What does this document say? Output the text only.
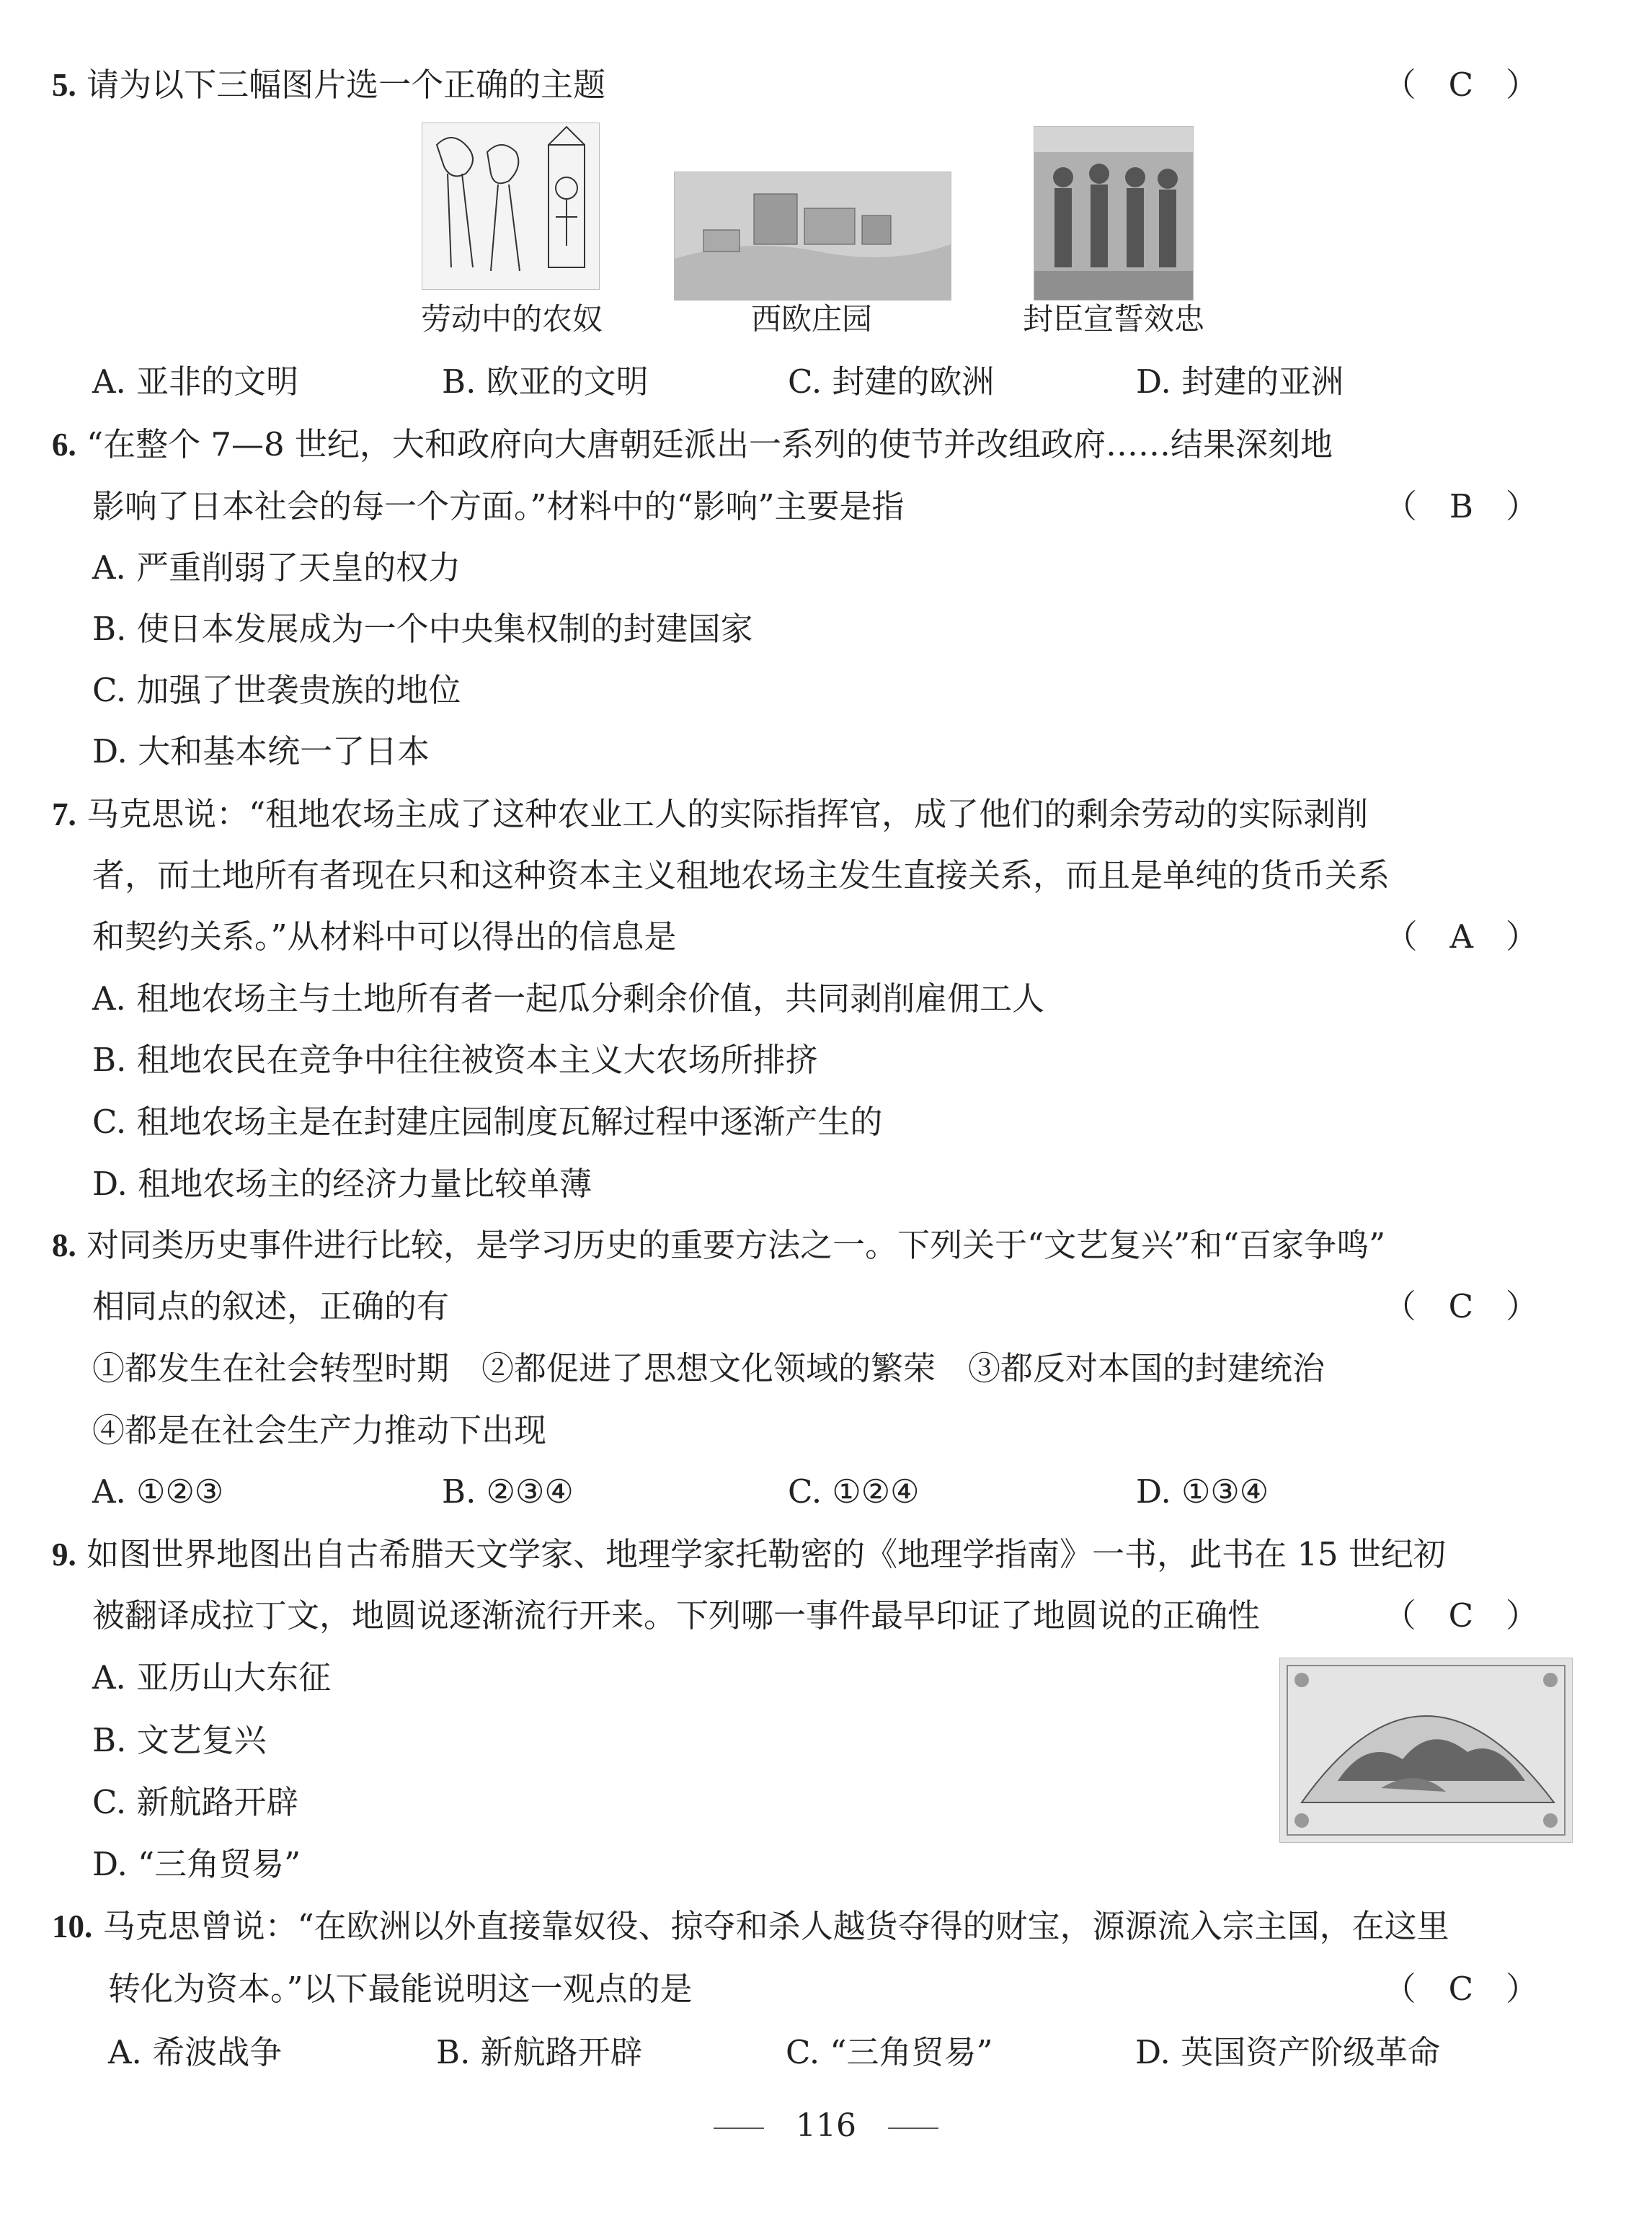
5. 请为以下三幅图片选一个正确的主题	（　C　）
劳动中的农奴	西欧庄园	封臣宣誓效忠
A. 亚非的文明	B. 欧亚的文明	C. 封建的欧洲	D. 封建的亚洲
6. “在整个 7—8 世纪，大和政府向大唐朝廷派出一系列的使节并改组政府……结果深刻地
影响了日本社会的每一个方面。”材料中的“影响”主要是指	（　B　）
A. 严重削弱了天皇的权力
B. 使日本发展成为一个中央集权制的封建国家
C. 加强了世袭贵族的地位
D. 大和基本统一了日本
7. 马克思说：“租地农场主成了这种农业工人的实际指挥官，成了他们的剩余劳动的实际剥削
者，而土地所有者现在只和这种资本主义租地农场主发生直接关系，而且是单纯的货币关系
和契约关系。”从材料中可以得出的信息是	（　A　）
A. 租地农场主与土地所有者一起瓜分剩余价值，共同剥削雇佣工人
B. 租地农民在竞争中往往被资本主义大农场所排挤
C. 租地农场主是在封建庄园制度瓦解过程中逐渐产生的
D. 租地农场主的经济力量比较单薄
8. 对同类历史事件进行比较，是学习历史的重要方法之一。下列关于“文艺复兴”和“百家争鸣”
相同点的叙述，正确的有	（　C　）
①都发生在社会转型时期　②都促进了思想文化领域的繁荣　③都反对本国的封建统治
④都是在社会生产力推动下出现
A. ①②③	B. ②③④	C. ①②④	D. ①③④
9. 如图世界地图出自古希腊天文学家、地理学家托勒密的《地理学指南》一书，此书在 15 世纪初
被翻译成拉丁文，地圆说逐渐流行开来。下列哪一事件最早印证了地圆说的正确性	（　C　）
A. 亚历山大东征
B. 文艺复兴
C. 新航路开辟
D. “三角贸易”
10. 马克思曾说：“在欧洲以外直接靠奴役、掠夺和杀人越货夺得的财宝，源源流入宗主国，在这里
转化为资本。”以下最能说明这一观点的是	（　C　）
A. 希波战争	B. 新航路开辟	C. “三角贸易”	D. 英国资产阶级革命
116
